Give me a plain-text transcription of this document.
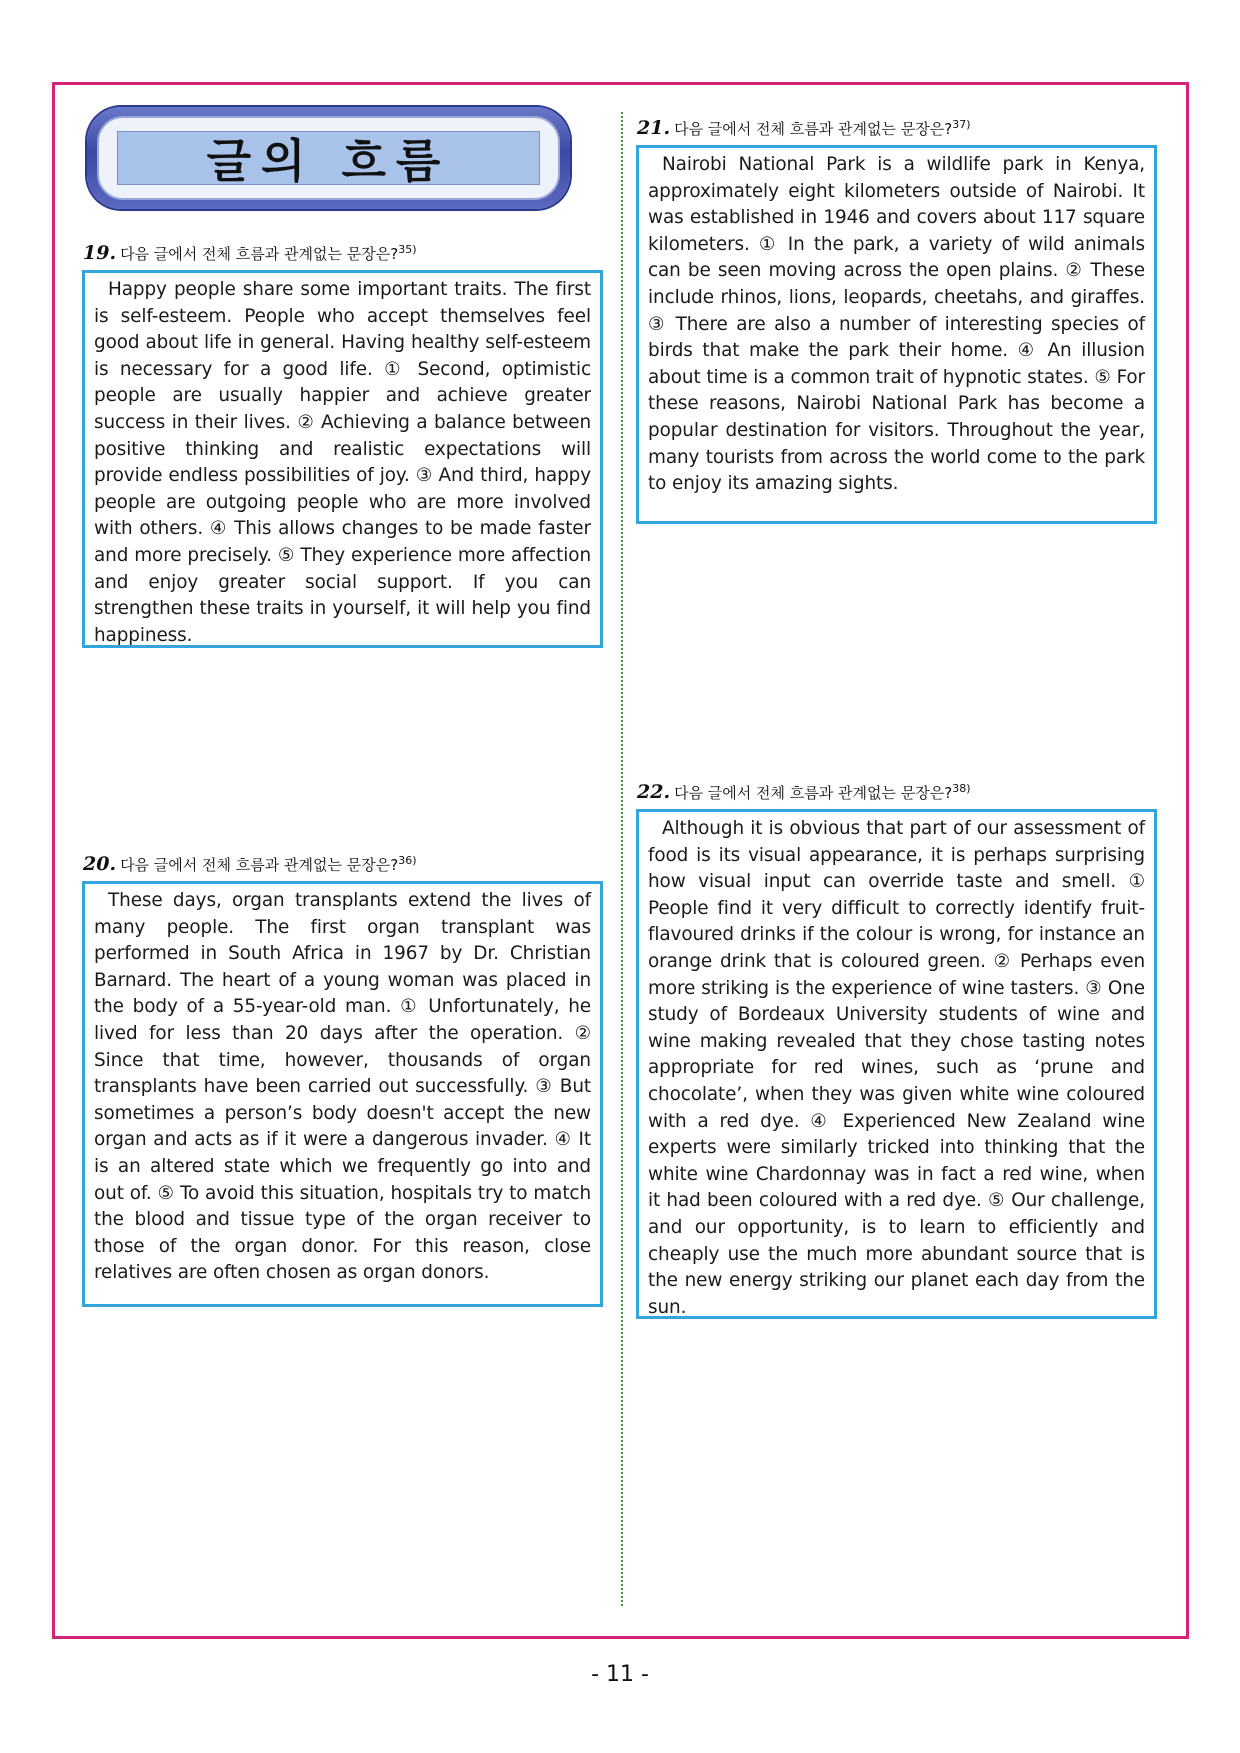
글의 흐름
19. 다음 글에서 전체 흐름과 관계없는 문장은?$^{35)}$
Happy people share some important traits. The first is self-esteem. People who accept themselves feel good about life in general. Having healthy self-esteem is necessary for a good life. ① Second, optimistic people are usually happier and achieve greater success in their lives. ② Achieving a balance between positive thinking and realistic expectations will provide endless possibilities of joy. ③ And third, happy people are outgoing people who are more involved with others. ④ This allows changes to be made faster and more precisely. ⑤ They experience more affection and enjoy greater social support. If you can strengthen these traits in yourself, it will help you find happiness.
20. 다음 글에서 전체 흐름과 관계없는 문장은?$^{36)}$
These days, organ transplants extend the lives of many people. The first organ transplant was performed in South Africa in 1967 by Dr. Christian Barnard. The heart of a young woman was placed in the body of a 55-year-old man. ① Unfortunately, he lived for less than 20 days after the operation. ② Since that time, however, thousands of organ transplants have been carried out successfully. ③ But sometimes a person’s body doesn't accept the new organ and acts as if it were a dangerous invader. ④ It is an altered state which we frequently go into and out of. ⑤ To avoid this situation, hospitals try to match the blood and tissue type of the organ receiver to those of the organ donor. For this reason, close relatives are often chosen as organ donors.
21. 다음 글에서 전체 흐름과 관계없는 문장은?$^{37)}$
Nairobi National Park is a wildlife park in Kenya, approximately eight kilometers outside of Nairobi. It was established in 1946 and covers about 117 square kilometers. ① In the park, a variety of wild animals can be seen moving across the open plains. ② These include rhinos, lions, leopards, cheetahs, and giraffes. ③ There are also a number of interesting species of birds that make the park their home. ④ An illusion about time is a common trait of hypnotic states. ⑤ For these reasons, Nairobi National Park has become a popular destination for visitors. Throughout the year, many tourists from across the world come to the park to enjoy its amazing sights.
22. 다음 글에서 전체 흐름과 관계없는 문장은?$^{38)}$
Although it is obvious that part of our assessment of food is its visual appearance, it is perhaps surprising how visual input can override taste and smell. ① People find it very difficult to correctly identify fruit-flavoured drinks if the colour is wrong, for instance an orange drink that is coloured green. ② Perhaps even more striking is the experience of wine tasters. ③ One study of Bordeaux University students of wine and wine making revealed that they chose tasting notes appropriate for red wines, such as ‘prune and chocolate’, when they was given white wine coloured with a red dye. ④ Experienced New Zealand wine experts were similarly tricked into thinking that the white wine Chardonnay was in fact a red wine, when it had been coloured with a red dye. ⑤ Our challenge, and our opportunity, is to learn to efficiently and cheaply use the much more abundant source that is the new energy striking our planet each day from the sun.
- 11 -
